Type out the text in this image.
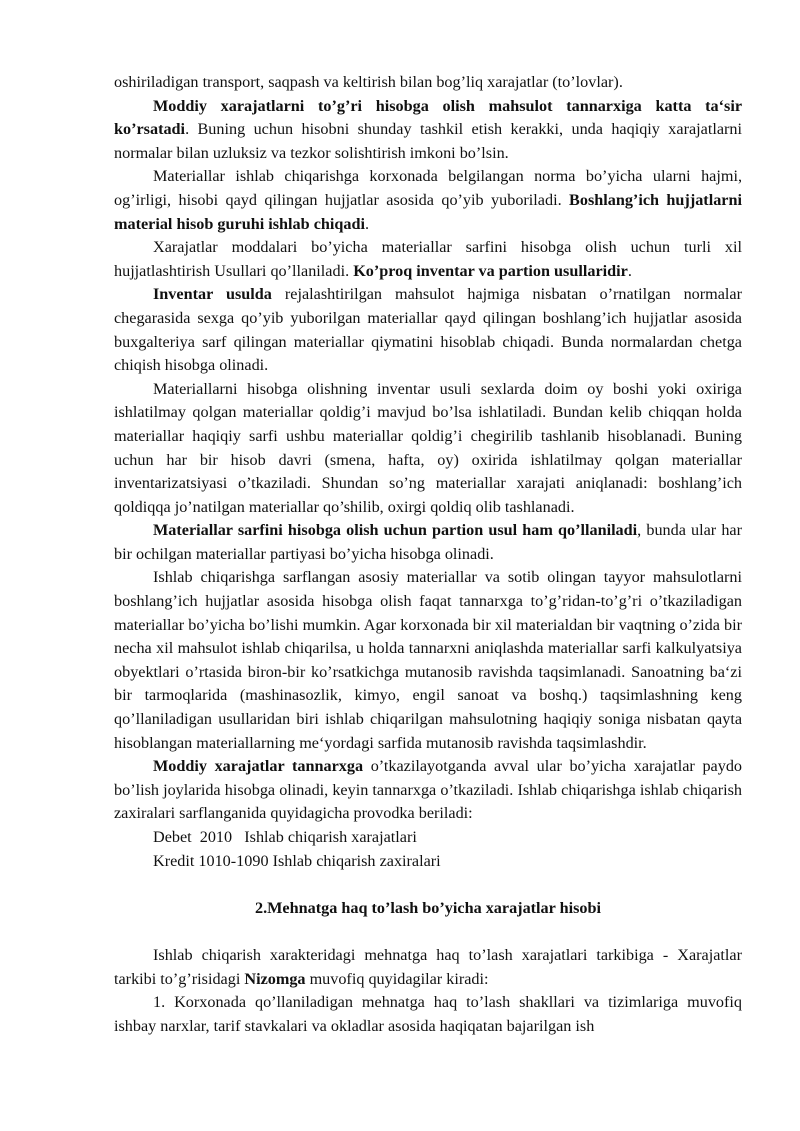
oshiriladigan transport, saqpash va keltirish bilan bog’liq xarajatlar (to’lovlar).

Moddiy xarajatlarni to’g’ri hisobga olish mahsulot tannarxiga katta ta‘sir ko’rsatadi. Buning uchun hisobni shunday tashkil etish kerakki, unda haqiqiy xarajatlarni normalar bilan uzluksiz va tezkor solishtirish imkoni bo’lsin.

Materiallar ishlab chiqarishga korxonada belgilangan norma bo’yicha ularni hajmi, og’irligi, hisobi qayd qilingan hujjatlar asosida qo’yib yuboriladi. Boshlang’ich hujjatlarni material hisob guruhi ishlab chiqadi.

Xarajatlar moddalari bo’yicha materiallar sarfini hisobga olish uchun turli xil hujjatlashtirish Usullari qo’llaniladi. Ko’proq inventar va partion usullaridir.

Inventar usulda rejalashtirilgan mahsulot hajmiga nisbatan o’rnatilgan normalar chegarasida sexga qo’yib yuborilgan materiallar qayd qilingan boshlang’ich hujjatlar asosida buxgalteriya sarf qilingan materiallar qiymatini hisoblab chiqadi. Bunda normalardan chetga chiqish hisobga olinadi.

Materiallarni hisobga olishning inventar usuli sexlarda doim oy boshi yoki oxiriga ishlatilmay qolgan materiallar qoldig’i mavjud bo’lsa ishlatiladi. Bundan kelib chiqqan holda materiallar haqiqiy sarfi ushbu materiallar qoldig’i chegirilib tashlanib hisoblanadi. Buning uchun har bir hisob davri (smena, hafta, oy) oxirida ishlatilmay qolgan materiallar inventarizatsiyasi o’tkaziladi. Shundan so’ng materiallar xarajati aniqlanadi: boshlang’ich qoldiqqa jo’natilgan materiallar qo’shilib, oxirgi qoldiq olib tashlanadi.

Materiallar sarfini hisobga olish uchun partion usul ham qo’llaniladi, bunda ular har bir ochilgan materiallar partiyasi bo’yicha hisobga olinadi.

Ishlab chiqarishga sarflangan asosiy materiallar va sotib olingan tayyor mahsulotlarni boshlang’ich hujjatlar asosida hisobga olish faqat tannarxga to’g’ridan-to’g’ri o’tkaziladigan materiallar bo’yicha bo’lishi mumkin. Agar korxonada bir xil materialdan bir vaqtning o’zida bir necha xil mahsulot ishlab chiqarilsa, u holda tannarxni aniqlashda materiallar sarfi kalkulyatsiya obyektlari o’rtasida biron-bir ko’rsatkichga mutanosib ravishda taqsimlanadi. Sanoatning ba‘zi bir tarmoqlarida (mashinasozlik, kimyo, engil sanoat va boshq.) taqsimlashning keng qo’llaniladigan usullaridan biri ishlab chiqarilgan mahsulotning haqiqiy soniga nisbatan qayta hisoblangan materiallarning me‘yordagi sarfida mutanosib ravishda taqsimlashdir.

Moddiy xarajatlar tannarxga o’tkazilayotganda avval ular bo’yicha xarajatlar paydo bo’lish joylarida hisobga olinadi, keyin tannarxga o’tkaziladi. Ishlab chiqarishga ishlab chiqarish zaxiralari sarflanganida quyidagicha provodka beriladi:

Debet  2010   Ishlab chiqarish xarajatlari

Kredit 1010-1090 Ishlab chiqarish zaxiralari

2.Mehnatga haq to’lash bo’yicha xarajatlar hisobi

Ishlab chiqarish xarakteridagi mehnatga haq to’lash xarajatlari tarkibiga - Xarajatlar tarkibi to’g’risidagi Nizomga muvofiq quyidagilar kiradi:

1. Korxonada qo’llaniladigan mehnatga haq to’lash shakllari va tizimlariga muvofiq ishbay narxlar, tarif stavkalari va okladlar asosida haqiqatan bajarilgan ish
